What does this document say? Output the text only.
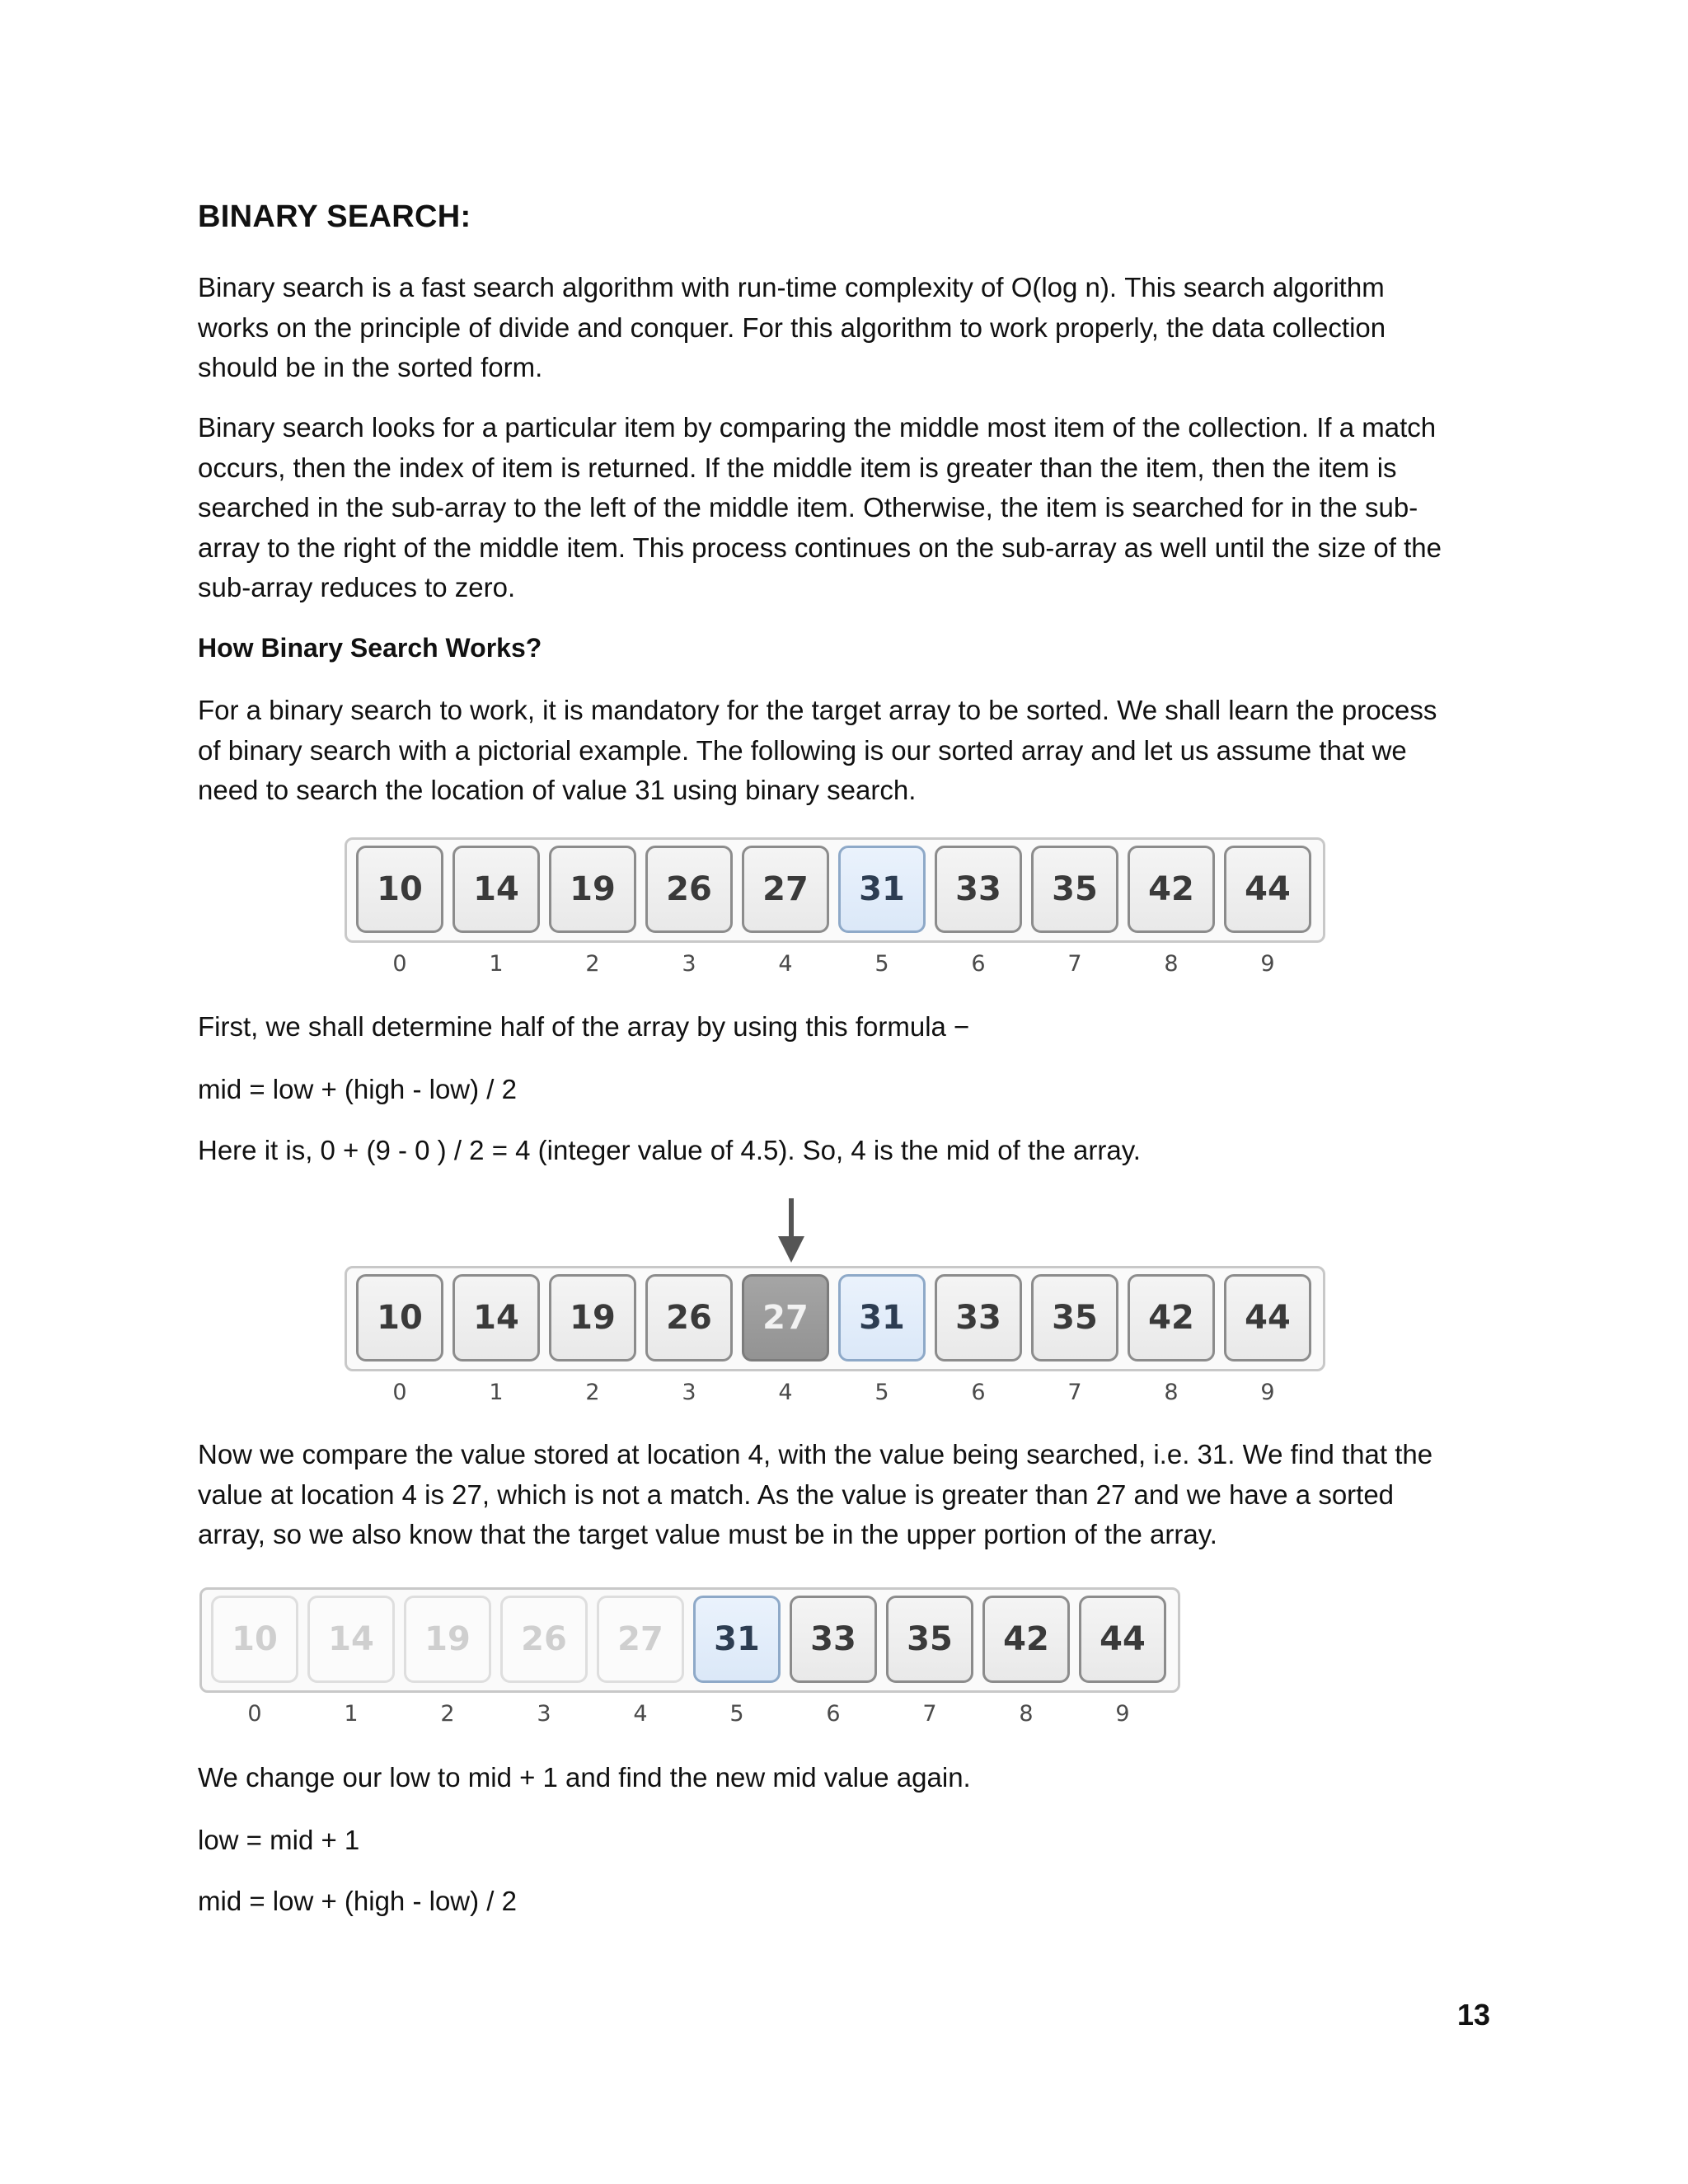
BINARY SEARCH:

Binary search is a fast search algorithm with run-time complexity of Ο(log n). This search algorithm
works on the principle of divide and conquer. For this algorithm to work properly, the data collection
should be in the sorted form.

Binary search looks for a particular item by comparing the middle most item of the collection. If a match
occurs, then the index of item is returned. If the middle item is greater than the item, then the item is
searched in the sub-array to the left of the middle item. Otherwise, the item is searched for in the sub-
array to the right of the middle item. This process continues on the sub-array as well until the size of the
sub-array reduces to zero.

How Binary Search Works?

For a binary search to work, it is mandatory for the target array to be sorted. We shall learn the process
of binary search with a pictorial example. The following is our sorted array and let us assume that we
need to search the location of value 31 using binary search.

10	14	19	26	27	31	33	35	42	44
0	1	2	3	4	5	6	7	8	9
First, we shall determine half of the array by using this formula −
mid = low + (high - low) / 2
Here it is, 0 + (9 - 0 ) / 2 = 4 (integer value of 4.5). So, 4 is the mid of the array.
10	14	19	26	27	31	33	35	42	44
0	1	2	3	4	5	6	7	8	9

Now we compare the value stored at location 4, with the value being searched, i.e. 31. We find that the
value at location 4 is 27, which is not a match. As the value is greater than 27 and we have a sorted
array, so we also know that the target value must be in the upper portion of the array.

10	14	19	26	27	31	33	35	42	44
0	1	2	3	4	5	6	7	8	9
We change our low to mid + 1 and find the new mid value again.
low = mid + 1
mid = low + (high - low) / 2
13
